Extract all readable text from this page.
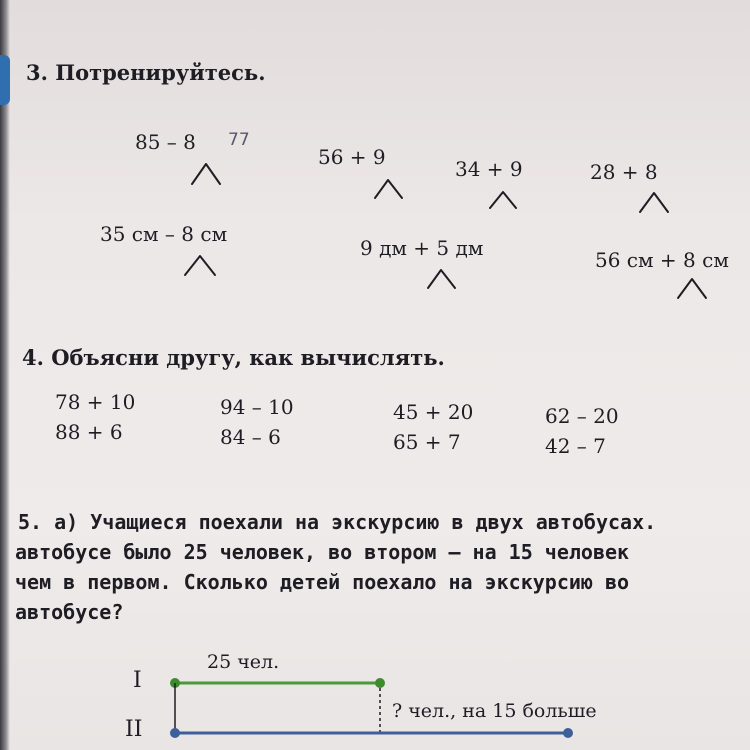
3. Потренируйтесь.
85 – 8 77
56 + 9	34 + 9	28 + 8
35 см – 8 см
9 дм + 5 дм	56 см + 8 см
4. Объясни другу, как вычислять.
78 + 10
88 + 6
94 – 10
84 – 6
45 + 20
65 + 7
62 – 20
42 – 7
5. а) Учащиеся поехали на экскурсию в двух автобусах.
автобусе было 25 человек, во втором – на 15 человек
чем в первом. Сколько детей поехало на экскурсию во
автобусе?
I
II
25 чел.
? чел., на 15 больше
